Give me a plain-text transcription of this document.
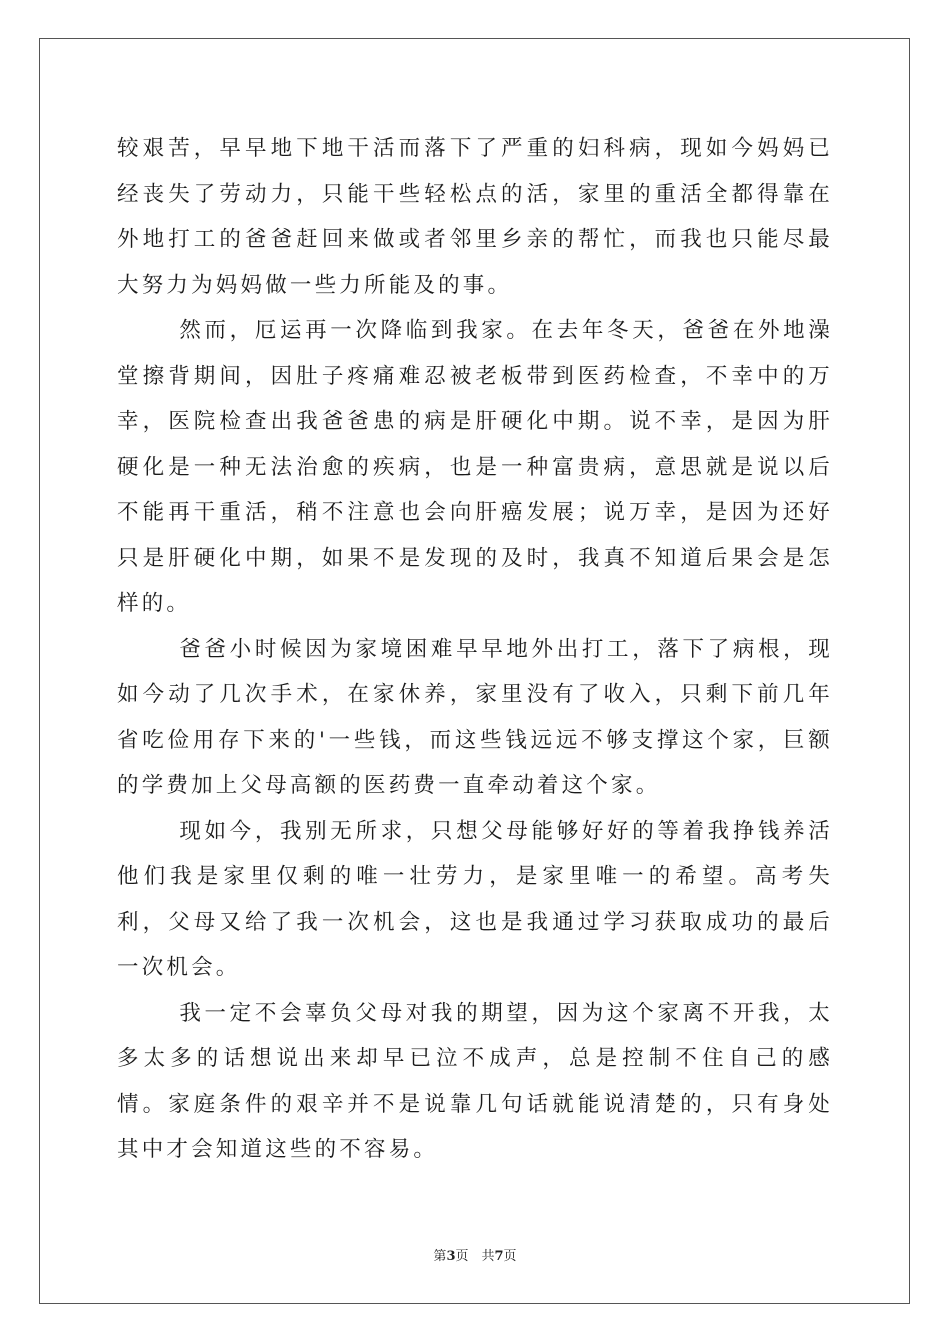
较艰苦，早早地下地干活而落下了严重的妇科病，现如今妈妈已经丧失了劳动力，只能干些轻松点的活，家里的重活全都得靠在外地打工的爸爸赶回来做或者邻里乡亲的帮忙，而我也只能尽最大努力为妈妈做一些力所能及的事。

然而，厄运再一次降临到我家。在去年冬天，爸爸在外地澡堂擦背期间，因肚子疼痛难忍被老板带到医药检查，不幸中的万幸，医院检查出我爸爸患的病是肝硬化中期。说不幸，是因为肝硬化是一种无法治愈的疾病，也是一种富贵病，意思就是说以后不能再干重活，稍不注意也会向肝癌发展；说万幸，是因为还好只是肝硬化中期，如果不是发现的及时，我真不知道后果会是怎样的。

爸爸小时候因为家境困难早早地外出打工，落下了病根，现如今动了几次手术，在家休养，家里没有了收入，只剩下前几年省吃俭用存下来的'一些钱，而这些钱远远不够支撑这个家，巨额的学费加上父母高额的医药费一直牵动着这个家。

现如今，我别无所求，只想父母能够好好的等着我挣钱养活他们我是家里仅剩的唯一壮劳力，是家里唯一的希望。高考失利，父母又给了我一次机会，这也是我通过学习获取成功的最后一次机会。

我一定不会辜负父母对我的期望，因为这个家离不开我，太多太多的话想说出来却早已泣不成声，总是控制不住自己的感情。家庭条件的艰辛并不是说靠几句话就能说清楚的，只有身处其中才会知道这些的不容易。

第3页　共7页
